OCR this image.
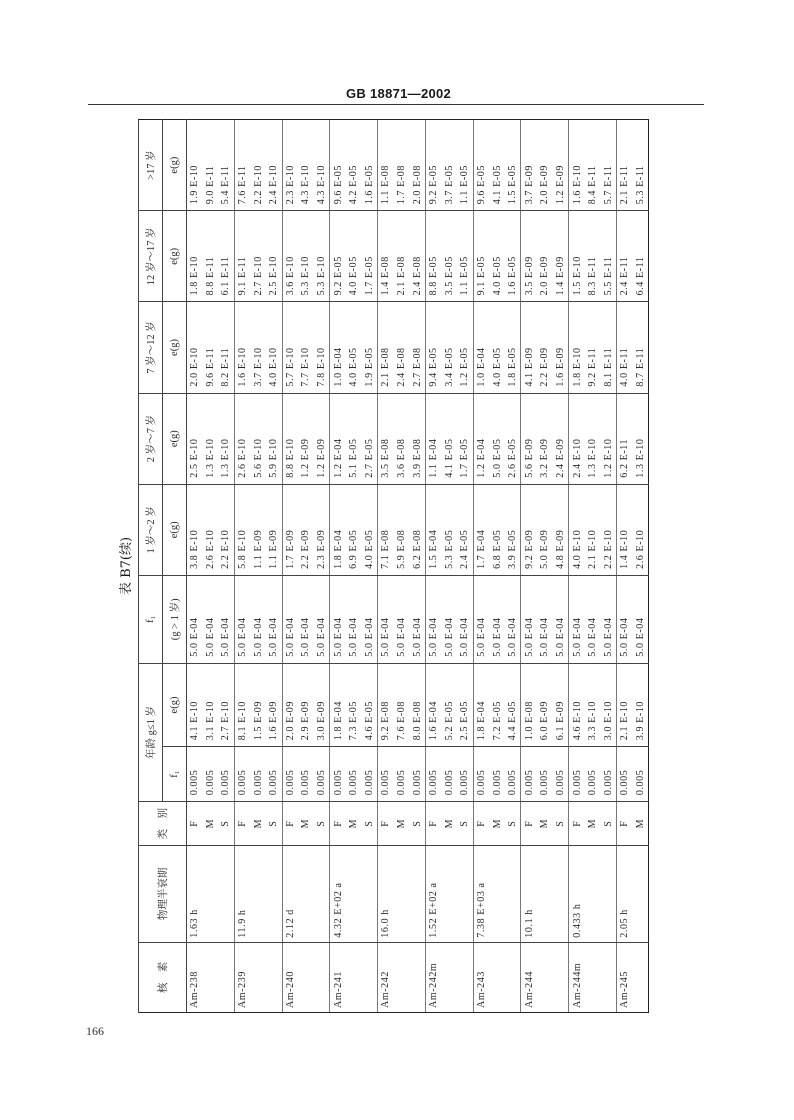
GB 18871—2002
表 B7(续)
核　素	物理半衰期	类　别	年龄 g≤1 岁		f₁	1 岁～2 岁	2 岁～7 岁	7 岁～12 岁	12 岁～17 岁	>17 岁
			f₁	e(g)	(g > 1 岁)	e(g)	e(g)	e(g)	e(g)	e(g)
Am-238	1.63 h	F	0.005	4.1 E-10	5.0 E-04	3.8 E-10	2.5 E-10	2.0 E-10	1.8 E-10	1.9 E-10
		M	0.005	3.1 E-10	5.0 E-04	2.6 E-10	1.3 E-10	9.6 E-11	8.8 E-11	9.0 E-11
		S	0.005	2.7 E-10	5.0 E-04	2.2 E-10	1.3 E-10	8.2 E-11	6.1 E-11	5.4 E-11
Am-239	11.9 h	F	0.005	8.1 E-10	5.0 E-04	5.8 E-10	2.6 E-10	1.6 E-10	9.1 E-11	7.6 E-11
		M	0.005	1.5 E-09	5.0 E-04	1.1 E-09	5.6 E-10	3.7 E-10	2.7 E-10	2.2 E-10
		S	0.005	1.6 E-09	5.0 E-04	1.1 E-09	5.9 E-10	4.0 E-10	2.5 E-10	2.4 E-10
Am-240	2.12 d	F	0.005	2.0 E-09	5.0 E-04	1.7 E-09	8.8 E-10	5.7 E-10	3.6 E-10	2.3 E-10
		M	0.005	2.9 E-09	5.0 E-04	2.2 E-09	1.2 E-09	7.7 E-10	5.3 E-10	4.3 E-10
		S	0.005	3.0 E-09	5.0 E-04	2.3 E-09	1.2 E-09	7.8 E-10	5.3 E-10	4.3 E-10
Am-241	4.32 E+02 a	F	0.005	1.8 E-04	5.0 E-04	1.8 E-04	1.2 E-04	1.0 E-04	9.2 E-05	9.6 E-05
		M	0.005	7.3 E-05	5.0 E-04	6.9 E-05	5.1 E-05	4.0 E-05	4.0 E-05	4.2 E-05
		S	0.005	4.6 E-05	5.0 E-04	4.0 E-05	2.7 E-05	1.9 E-05	1.7 E-05	1.6 E-05
Am-242	16.0 h	F	0.005	9.2 E-08	5.0 E-04	7.1 E-08	3.5 E-08	2.1 E-08	1.4 E-08	1.1 E-08
		M	0.005	7.6 E-08	5.0 E-04	5.9 E-08	3.6 E-08	2.4 E-08	2.1 E-08	1.7 E-08
		S	0.005	8.0 E-08	5.0 E-04	6.2 E-08	3.9 E-08	2.7 E-08	2.4 E-08	2.0 E-08
Am-242m	1.52 E+02 a	F	0.005	1.6 E-04	5.0 E-04	1.5 E-04	1.1 E-04	9.4 E-05	8.8 E-05	9.2 E-05
		M	0.005	5.2 E-05	5.0 E-04	5.3 E-05	4.1 E-05	3.4 E-05	3.5 E-05	3.7 E-05
		S	0.005	2.5 E-05	5.0 E-04	2.4 E-05	1.7 E-05	1.2 E-05	1.1 E-05	1.1 E-05
Am-243	7.38 E+03 a	F	0.005	1.8 E-04	5.0 E-04	1.7 E-04	1.2 E-04	1.0 E-04	9.1 E-05	9.6 E-05
		M	0.005	7.2 E-05	5.0 E-04	6.8 E-05	5.0 E-05	4.0 E-05	4.0 E-05	4.1 E-05
		S	0.005	4.4 E-05	5.0 E-04	3.9 E-05	2.6 E-05	1.8 E-05	1.6 E-05	1.5 E-05
Am-244	10.1 h	F	0.005	1.0 E-08	5.0 E-04	9.2 E-09	5.6 E-09	4.1 E-09	3.5 E-09	3.7 E-09
		M	0.005	6.0 E-09	5.0 E-04	5.0 E-09	3.2 E-09	2.2 E-09	2.0 E-09	2.0 E-09
		S	0.005	6.1 E-09	5.0 E-04	4.8 E-09	2.4 E-09	1.6 E-09	1.4 E-09	1.2 E-09
Am-244m	0.433 h	F	0.005	4.6 E-10	5.0 E-04	4.0 E-10	2.4 E-10	1.8 E-10	1.5 E-10	1.6 E-10
		M	0.005	3.3 E-10	5.0 E-04	2.1 E-10	1.3 E-10	9.2 E-11	8.3 E-11	8.4 E-11
		S	0.005	3.0 E-10	5.0 E-04	2.2 E-10	1.2 E-10	8.1 E-11	5.5 E-11	5.7 E-11
Am-245	2.05 h	F	0.005	2.1 E-10	5.0 E-04	1.4 E-10	6.2 E-11	4.0 E-11	2.4 E-11	2.1 E-11
		M	0.005	3.9 E-10	5.0 E-04	2.6 E-10	1.3 E-10	8.7 E-11	6.4 E-11	5.3 E-11
166
